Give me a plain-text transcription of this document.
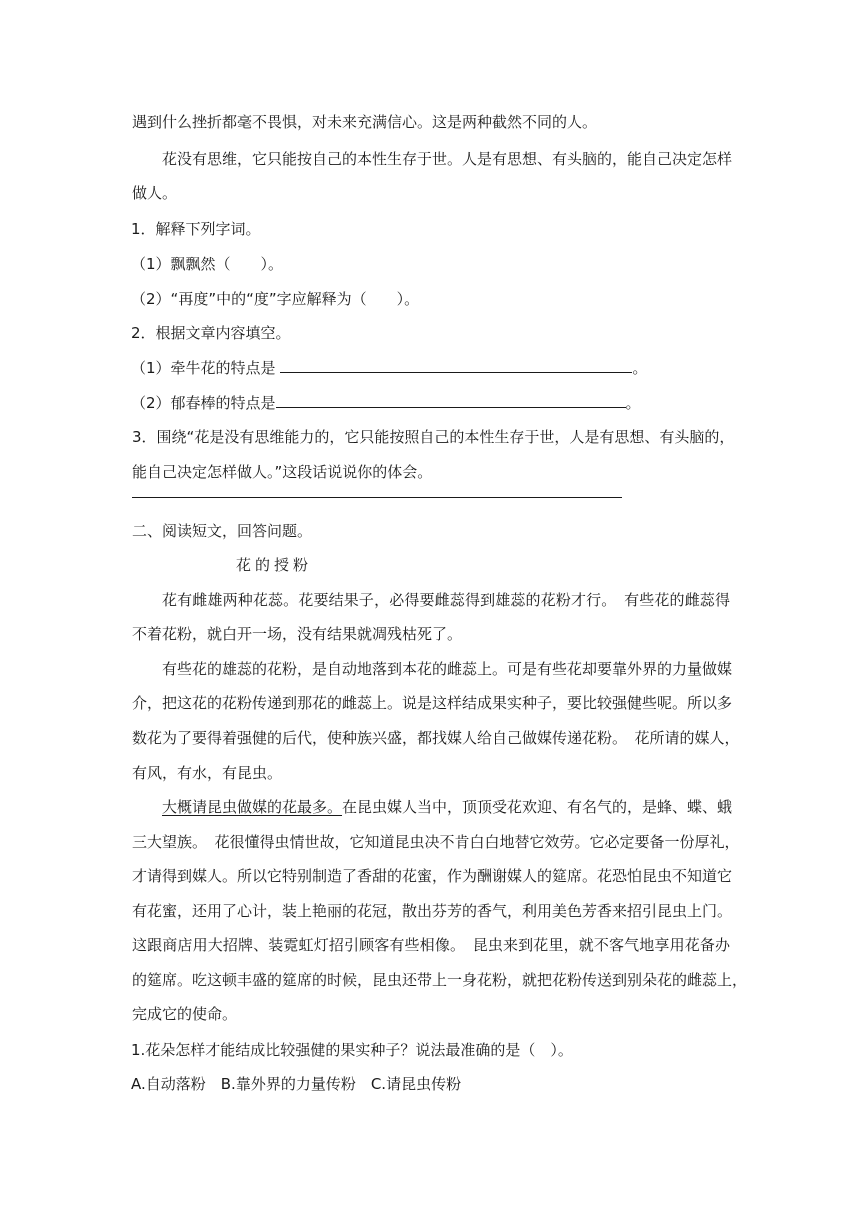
遇到什么挫折都毫不畏惧，对未来充满信心。这是两种截然不同的人。
花没有思维，它只能按自己的本性生存于世。人是有思想、有头脑的，能自己决定怎样
做人。
1．解释下列字词。
（1）飘飘然（　　）。
（2）“再度”中的“度”字应解释为（　　）。
2．根据文章内容填空。
（1）牵牛花的特点是	。
（2）郁春棒的特点是	。
3．围绕“花是没有思维能力的，它只能按照自己的本性生存于世，人是有思想、有头脑的，
能自己决定怎样做人。”这段话说说你的体会。
二、阅读短文，回答问题。
花的授粉
花有雌雄两种花蕊。花要结果子，必得要雌蕊得到雄蕊的花粉才行。　有些花的雌蕊得
不着花粉，就白开一场，没有结果就凋残枯死了。
有些花的雄蕊的花粉，是自动地落到本花的雌蕊上。可是有些花却要靠外界的力量做媒
介，把这花的花粉传递到那花的雌蕊上。说是这样结成果实种子，要比较强健些呢。所以多
数花为了要得着强健的后代，使种族兴盛，都找媒人给自己做媒传递花粉。　花所请的媒人，
有风，有水，有昆虫。
大概请昆虫做媒的花最多。在昆虫媒人当中，顶顶受花欢迎、有名气的，是蜂、蝶、蛾
三大望族。　花很懂得虫情世故，它知道昆虫决不肯白白地替它效劳。它必定要备一份厚礼，
才请得到媒人。所以它特别制造了香甜的花蜜，作为酬谢媒人的筵席。花恐怕昆虫不知道它
有花蜜，还用了心计，装上艳丽的花冠，散出芬芳的香气，利用美色芳香来招引昆虫上门。
这跟商店用大招牌、装霓虹灯招引顾客有些相像。　昆虫来到花里，就不客气地享用花备办
的筵席。吃这顿丰盛的筵席的时候，昆虫还带上一身花粉，就把花粉传送到别朵花的雌蕊上，
完成它的使命。
1.花朵怎样才能结成比较强健的果实种子？说法最准确的是（　）。
A.自动落粉　B.靠外界的力量传粉　C.请昆虫传粉
